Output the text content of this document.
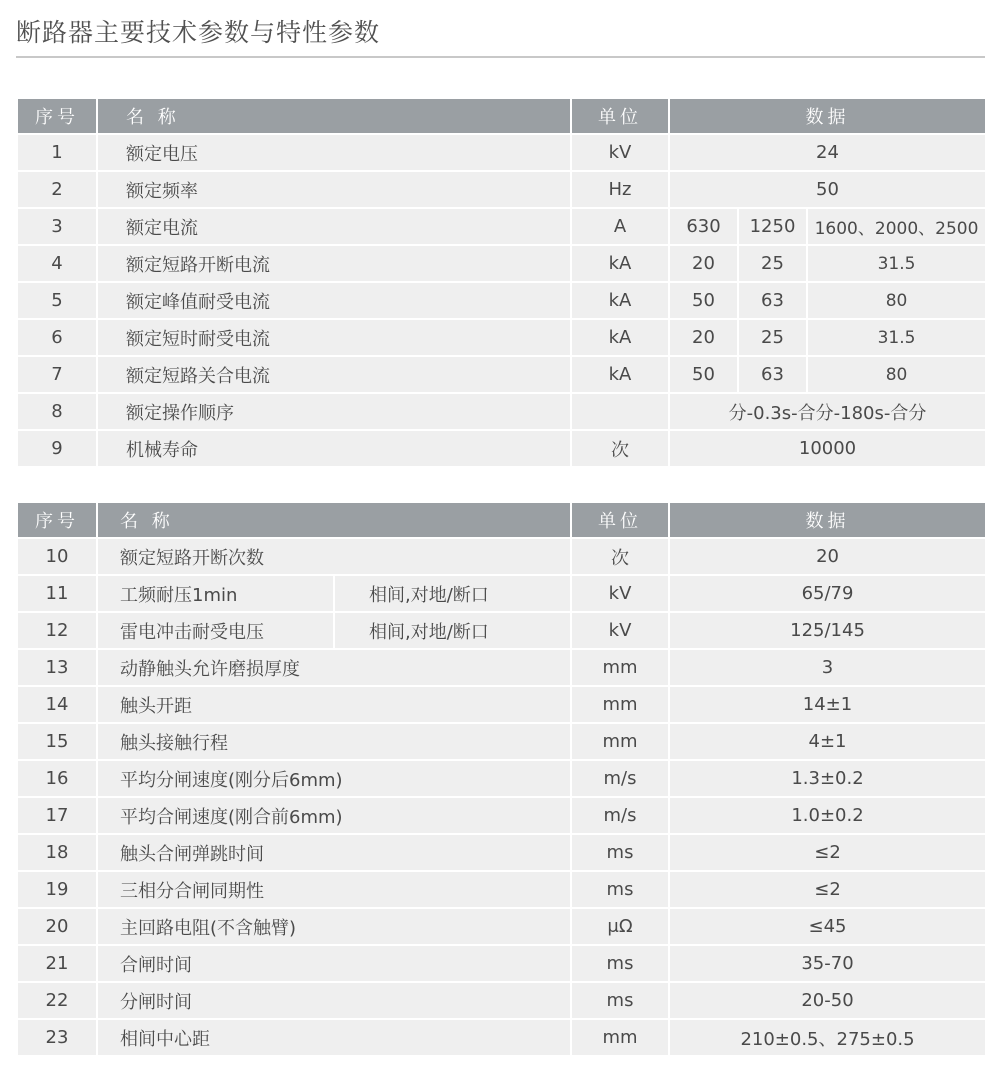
断路器主要技术参数与特性参数
序号	名 称	单位	数据		
1	额定电压	kV	24		
2	额定频率	Hz	50		
3	额定电流	A	630	1250	1600、2000、2500
4	额定短路开断电流	kA	20	25	31.5
5	额定峰值耐受电流	kA	50	63	80
6	额定短时耐受电流	kA	20	25	31.5
7	额定短路关合电流	kA	50	63	80
8	额定操作顺序		分-0.3s-合分-180s-合分		
9	机械寿命	次	10000		
序号	名 称		单位	数据
10	额定短路开断次数		次	20
11	工频耐压1min	相间,对地/断口	kV	65/79
12	雷电冲击耐受电压	相间,对地/断口	kV	125/145
13	动静触头允许磨损厚度		mm	3
14	触头开距		mm	14±1
15	触头接触行程		mm	4±1
16	平均分闸速度(刚分后6mm)		m/s	1.3±0.2
17	平均合闸速度(刚合前6mm)		m/s	1.0±0.2
18	触头合闸弹跳时间		ms	≤2
19	三相分合闸同期性		ms	≤2
20	主回路电阻(不含触臂)		μΩ	≤45
21	合闸时间		ms	35-70
22	分闸时间		ms	20-50
23	相间中心距		mm	210±0.5、275±0.5
